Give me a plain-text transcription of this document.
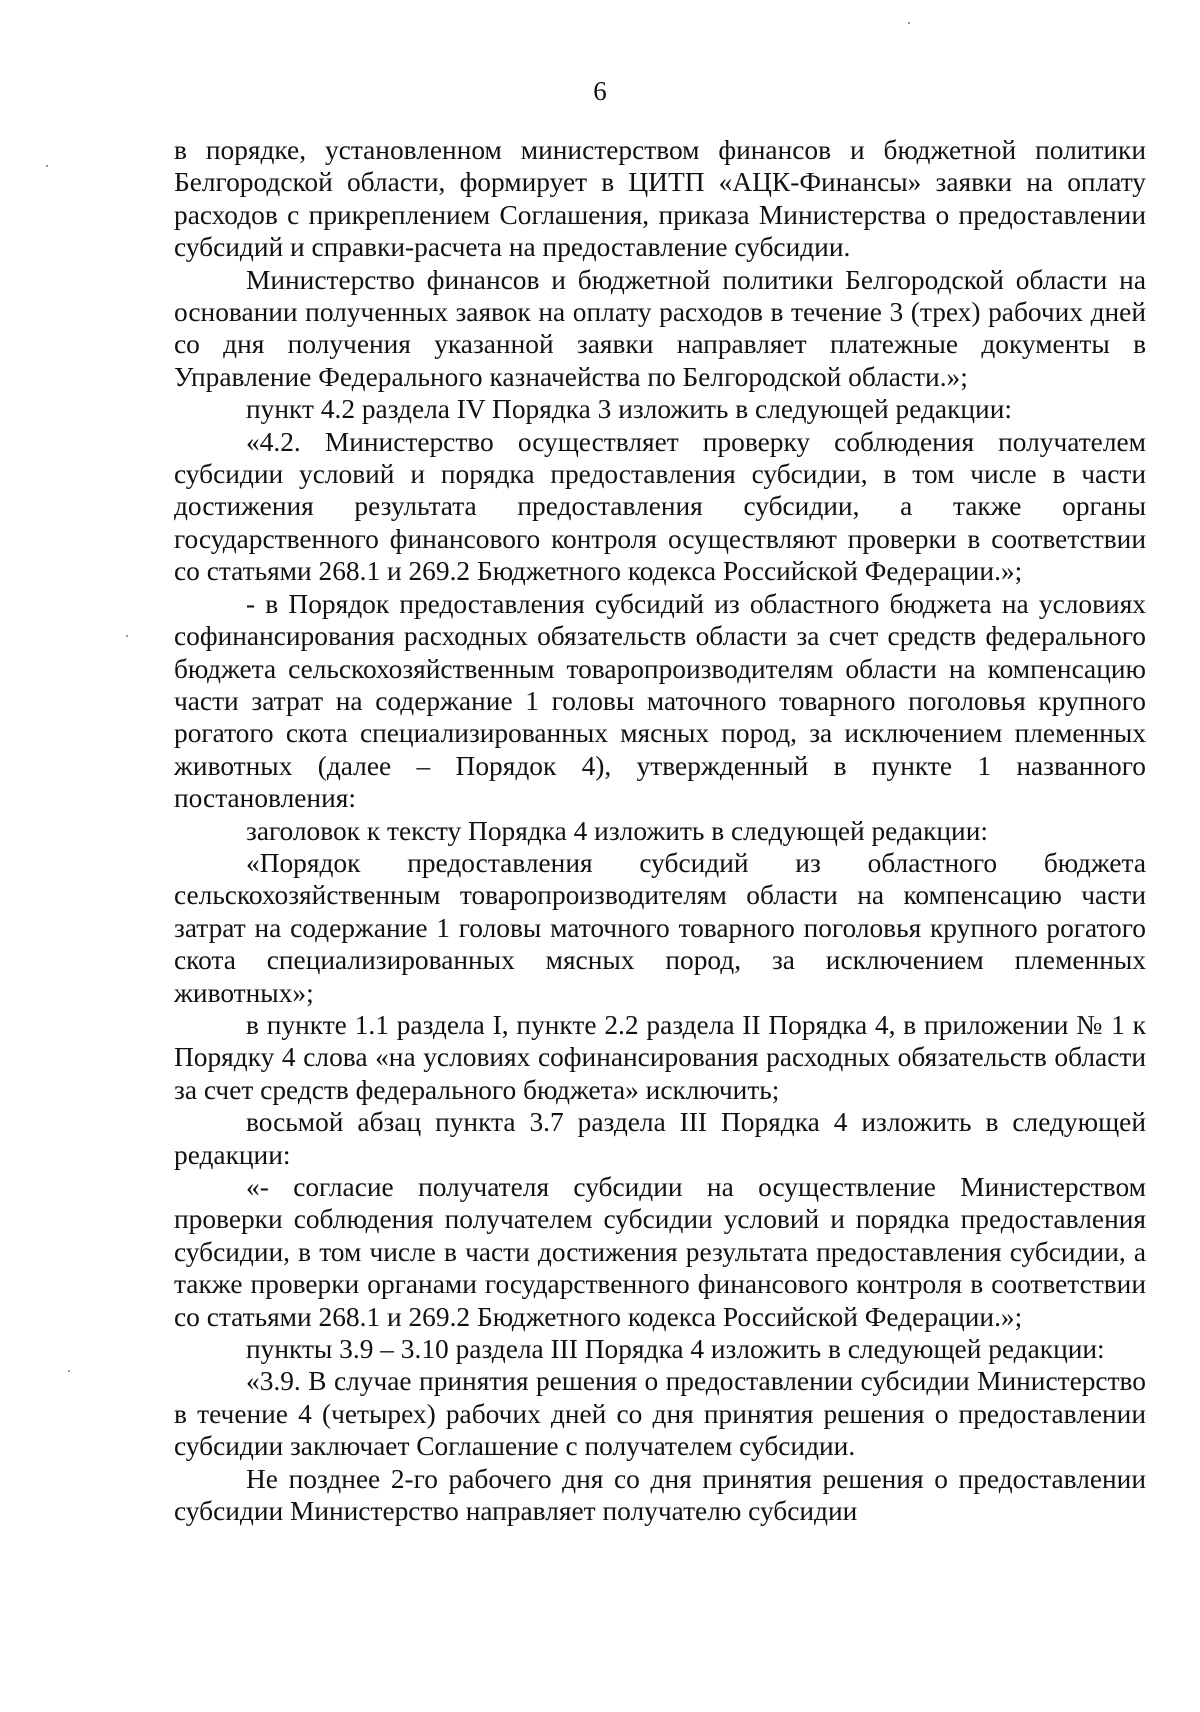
6

в порядке, установленном министерством финансов и бюджетной политики Белгородской области, формирует в ЦИТП «АЦК-Финансы» заявки на оплату расходов с прикреплением Соглашения, приказа Министерства о предоставлении субсидий и справки-расчета на предоставление субсидии.

Министерство финансов и бюджетной политики Белгородской области на основании полученных заявок на оплату расходов в течение 3 (трех) рабочих дней со дня получения указанной заявки направляет платежные документы в Управление Федерального казначейства по Белгородской области.»;

пункт 4.2 раздела IV Порядка 3 изложить в следующей редакции:

«4.2. Министерство осуществляет проверку соблюдения получателем субсидии условий и порядка предоставления субсидии, в том числе в части достижения результата предоставления субсидии, а также органы государственного финансового контроля осуществляют проверки в соответствии со статьями 268.1 и 269.2 Бюджетного кодекса Российской Федерации.»;

- в Порядок предоставления субсидий из областного бюджета на условиях софинансирования расходных обязательств области за счет средств федерального бюджета сельскохозяйственным товаропроизводителям области на компенсацию части затрат на содержание 1 головы маточного товарного поголовья крупного рогатого скота специализированных мясных пород, за исключением племенных животных (далее – Порядок 4), утвержденный в пункте 1 названного постановления:

заголовок к тексту Порядка 4 изложить в следующей редакции:

«Порядок предоставления субсидий из областного бюджета сельскохозяйственным товаропроизводителям области на компенсацию части затрат на содержание 1 головы маточного товарного поголовья крупного рогатого скота специализированных мясных пород, за исключением племенных животных»;

в пункте 1.1 раздела I, пункте 2.2 раздела II Порядка 4, в приложении № 1 к Порядку 4 слова «на условиях софинансирования расходных обязательств области за счет средств федерального бюджета» исключить;

восьмой абзац пункта 3.7 раздела III Порядка 4 изложить в следующей редакции:

«- согласие получателя субсидии на осуществление Министерством проверки соблюдения получателем субсидии условий и порядка предоставления субсидии, в том числе в части достижения результата предоставления субсидии, а также проверки органами государственного финансового контроля в соответствии со статьями 268.1 и 269.2 Бюджетного кодекса Российской Федерации.»;

пункты 3.9 – 3.10 раздела III Порядка 4 изложить в следующей редакции:

«3.9. В случае принятия решения о предоставлении субсидии Министерство в течение 4 (четырех) рабочих дней со дня принятия решения о предоставлении субсидии заключает Соглашение с получателем субсидии.

Не позднее 2-го рабочего дня со дня принятия решения о предоставлении субсидии Министерство направляет получателю субсидии
